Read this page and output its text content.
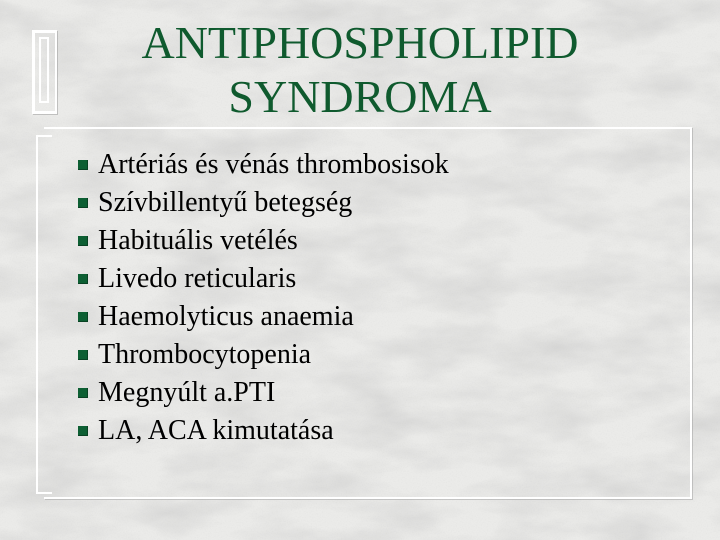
ANTIPHOSPHOLIPID
SYNDROMA
Artériás és vénás thrombosisok
Szívbillentyű betegség
Habituális vetélés
Livedo reticularis
Haemolyticus anaemia
Thrombocytopenia
Megnyúlt a.PTI
LA, ACA kimutatása
